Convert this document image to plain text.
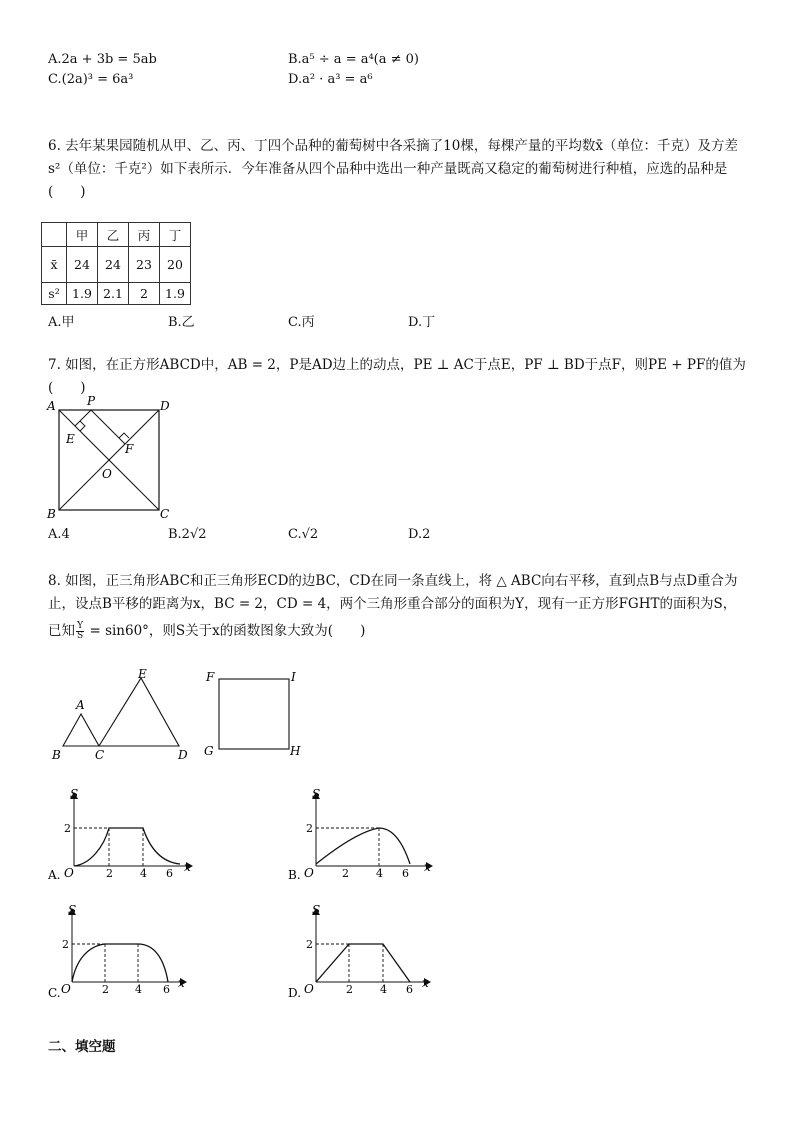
A.2a + 3b = 5ab	B.a⁵ ÷ a = a⁴(a ≠ 0)
C.(2a)³ = 6a³	D.a² · a³ = a⁶
6. 去年某果园随机从甲、乙、丙、丁四个品种的葡萄树中各采摘了10棵，每棵产量的平均数x̄（单位：千克）及方差s²（单位：千克²）如下表所示．今年准备从四个品种中选出一种产量既高又稳定的葡萄树进行种植，应选的品种是(　　)
	甲	乙	丙	丁
x̄	24	24	23	20
s²	1.9	2.1	2	1.9
A.甲	B.乙	C.丙	D.丁
7. 如图，在正方形ABCD中，AB = 2，P是AD边上的动点，PE ⊥ AC于点E，PF ⊥ BD于点F，则PE + PF的值为(　　)
A	P	D
E
F
O
B	C
A.4	B.2√2	C.√2	D.2
8. 如图，正三角形ABC和正三角形ECD的边BC，CD在同一条直线上，将 △ ABC向右平移，直到点B与点D重合为
止，设点B平移的距离为x，BC = 2，CD = 4，两个三角形重合部分的面积为Y，现有一正方形FGHT的面积为S，
已知 $\frac{Y}{S} = \sin 60^\circ$，则S关于x的函数图象大致为(　　)
A
E
B	C	D
F	I
G	H
S
x
O
2
2 4 6
A.
S
x
O
2
2 4 6
B.
S
x
O
2
2 4 6
C.
S
x
O
2
2 4 6
D.
二、填空题
